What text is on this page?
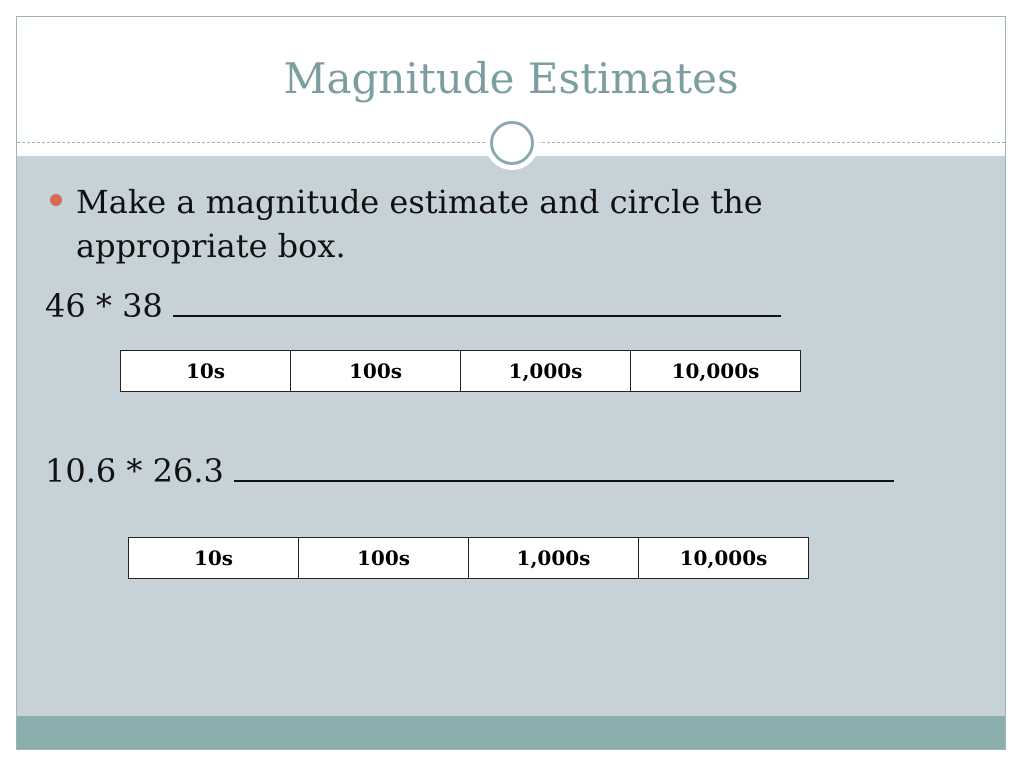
Magnitude Estimates
Make a magnitude estimate and circle the appropriate box.
46 * 38
10s	100s	1,000s	10,000s
10.6 * 26.3
10s	100s	1,000s	10,000s
